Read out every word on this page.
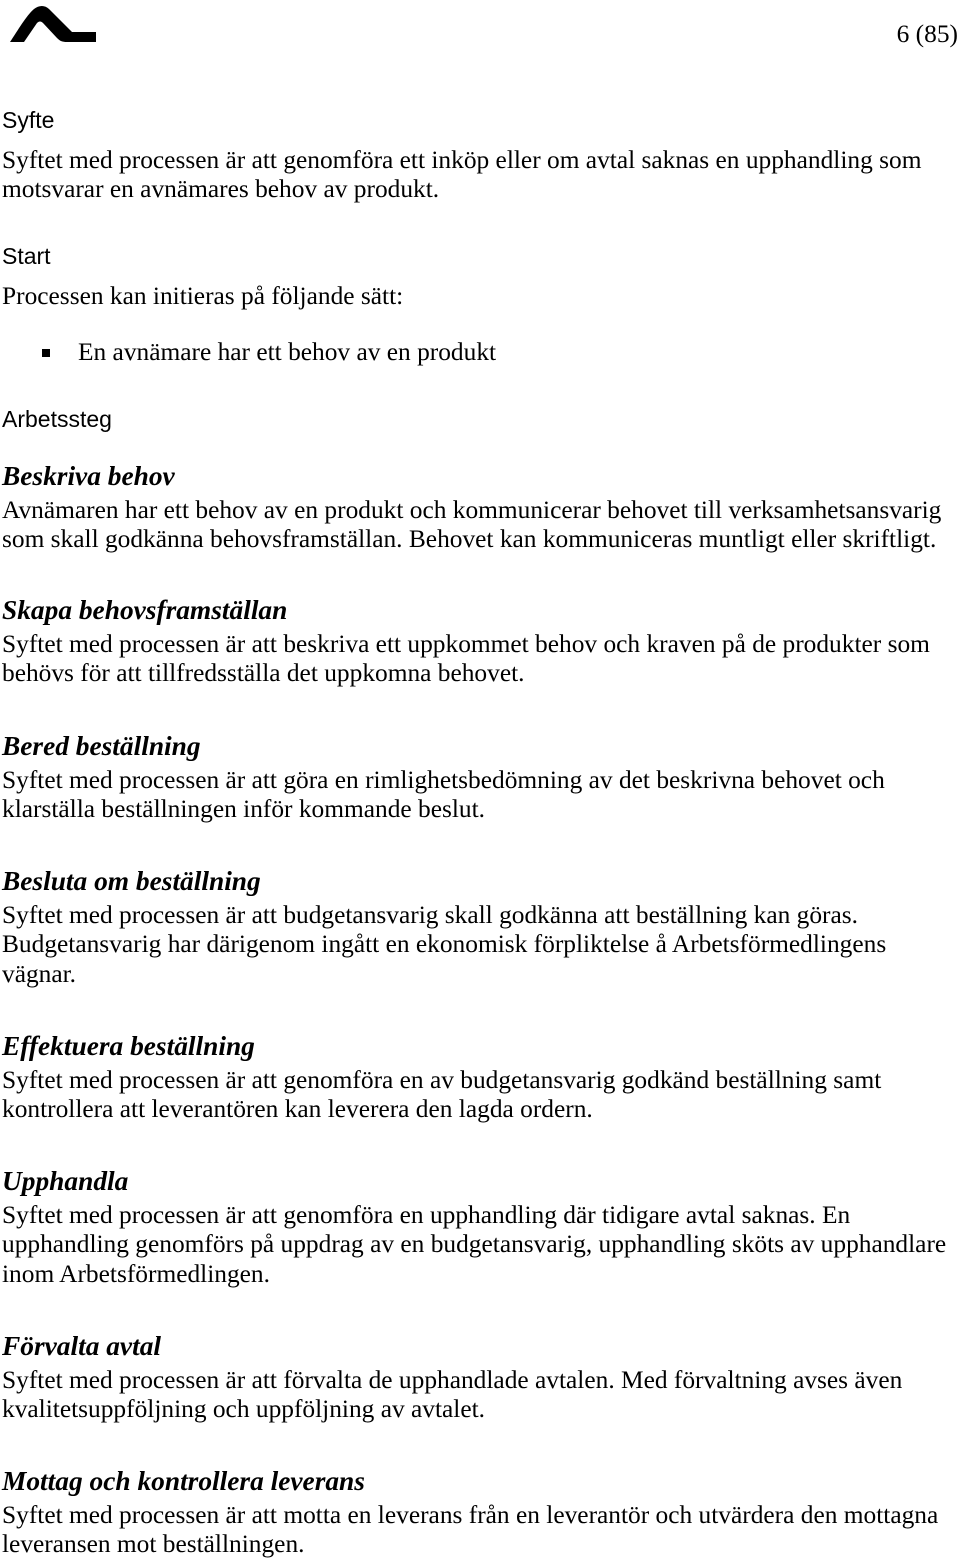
6 (85)
Syfte
Syftet med processen är att genomföra ett inköp eller om avtal saknas en upphandling som
motsvarar en avnämares behov av produkt.
Start
Processen kan initieras på följande sätt:
En avnämare har ett behov av en produkt
Arbetssteg
Beskriva behov
Avnämaren har ett behov av en produkt och kommunicerar behovet till verksamhetsansvarig
som skall godkänna behovsframställan. Behovet kan kommuniceras muntligt eller skriftligt.
Skapa behovsframställan
Syftet med processen är att beskriva ett uppkommet behov och kraven på de produkter som
behövs för att tillfredsställa det uppkomna behovet.
Bered beställning
Syftet med processen är att göra en rimlighetsbedömning av det beskrivna behovet och
klarställa beställningen inför kommande beslut.
Besluta om beställning
Syftet med processen är att budgetansvarig skall godkänna att beställning kan göras.
Budgetansvarig har därigenom ingått en ekonomisk förpliktelse å Arbetsförmedlingens
vägnar.
Effektuera beställning
Syftet med processen är att genomföra en av budgetansvarig godkänd beställning samt
kontrollera att leverantören kan leverera den lagda ordern.
Upphandla
Syftet med processen är att genomföra en upphandling där tidigare avtal saknas. En
upphandling genomförs på uppdrag av en budgetansvarig, upphandling sköts av upphandlare
inom Arbetsförmedlingen.
Förvalta avtal
Syftet med processen är att förvalta de upphandlade avtalen. Med förvaltning avses även
kvalitetsuppföljning och uppföljning av avtalet.
Mottag och kontrollera leverans
Syftet med processen är att motta en leverans från en leverantör och utvärdera den mottagna
leveransen mot beställningen.
